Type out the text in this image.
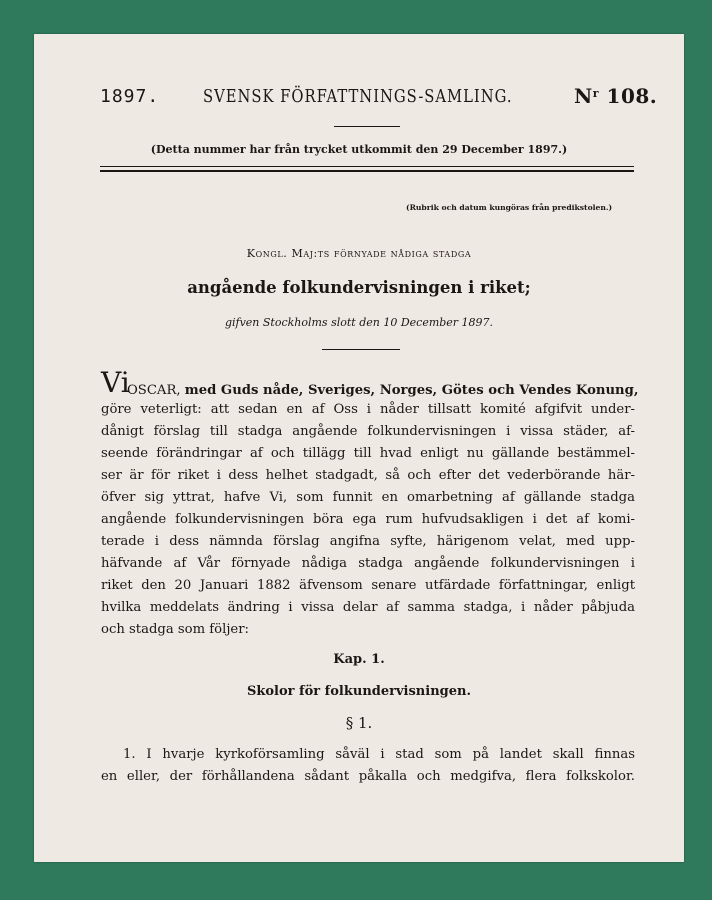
1897. SVENSK FÖRFATTNINGS-SAMLING.	$N^r$ 108.
(Detta nummer har från trycket utkommit den 29 December 1897.)
(Rubrik och datum kungöras från predikstolen.)
Kongl. Maj:ts förnyade nådiga stadga
angående folkundervisningen i riket;
gifven Stockholms slott den 10 December 1897.
Vi
OSCAR, med Guds nåde, Sveriges, Norges, Götes och Vendes Konung,
göre veterligt: att sedan en af Oss i nåder tillsatt komité afgifvit under-
dånigt förslag till stadga angående folkundervisningen i vissa städer, af-
seende förändringar af och tillägg till hvad enligt nu gällande bestämmel-
ser är för riket i dess helhet stadgadt, så och efter det vederbörande här-
öfver sig yttrat, hafve Vi, som funnit en omarbetning af gällande stadga
angående folkundervisningen böra ega rum hufvudsakligen i det af komi-
terade i dess nämnda förslag angifna syfte, härigenom velat, med upp-
häfvande af Vår förnyade nådiga stadga angående folkundervisningen i
riket den 20 Januari 1882 äfvensom senare utfärdade författningar, enligt
hvilka meddelats ändring i vissa delar af samma stadga, i nåder påbjuda
och stadga som följer:
Kap. 1.
Skolor för folkundervisningen.
§ 1.
1. I hvarje kyrkoförsamling såväl i stad som på landet skall finnas
en eller, der förhållandena sådant påkalla och medgifva, flera folkskolor.
